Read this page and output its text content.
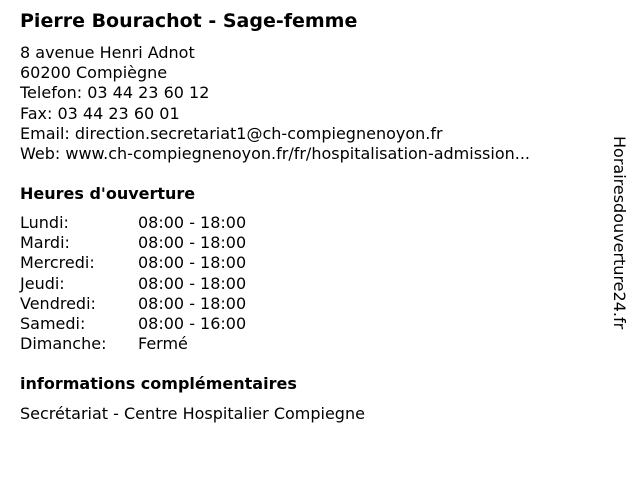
Pierre Bourachot - Sage-femme
8 avenue Henri Adnot
60200 Compiègne
Telefon: 03 44 23 60 12
Fax: 03 44 23 60 01
Email: direction.secretariat1@ch-compiegnenoyon.fr
Web: www.ch-compiegnenoyon.fr/fr/hospitalisation-admission...
Heures d'ouverture
Lundi:	08:00 - 18:00
Mardi:	08:00 - 18:00
Mercredi:	08:00 - 18:00
Jeudi:	08:00 - 18:00
Vendredi:	08:00 - 18:00
Samedi:	08:00 - 16:00
Dimanche:	Fermé
informations complémentaires
Secrétariat - Centre Hospitalier Compiegne
Horairesdouverture24.fr
